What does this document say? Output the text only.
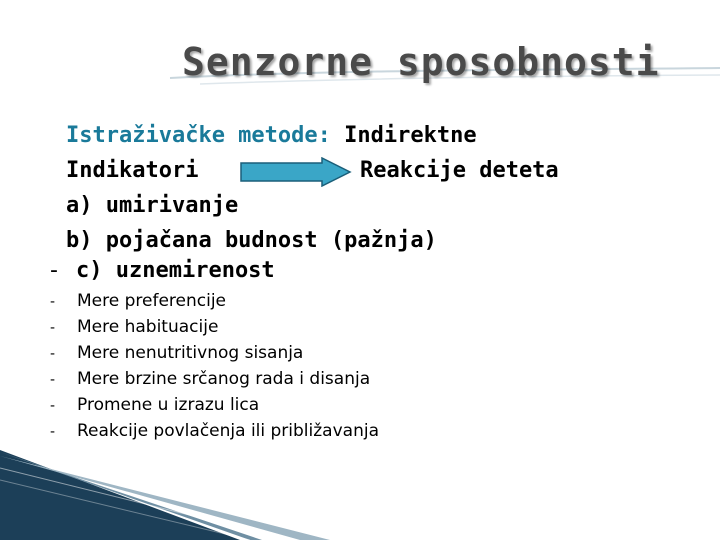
Senzorne sposobnosti
Istraživačke metode: Indirektne
Indikatori	Reakcije deteta
a) umirivanje
b) pojačana budnost (pažnja)
- c) uznemirenost
- Mere preferencije
- Mere habituacije
- Mere nenutritivnog sisanja
- Mere brzine srčanog rada i disanja
- Promene u izrazu lica
- Reakcije povlačenja ili približavanja
